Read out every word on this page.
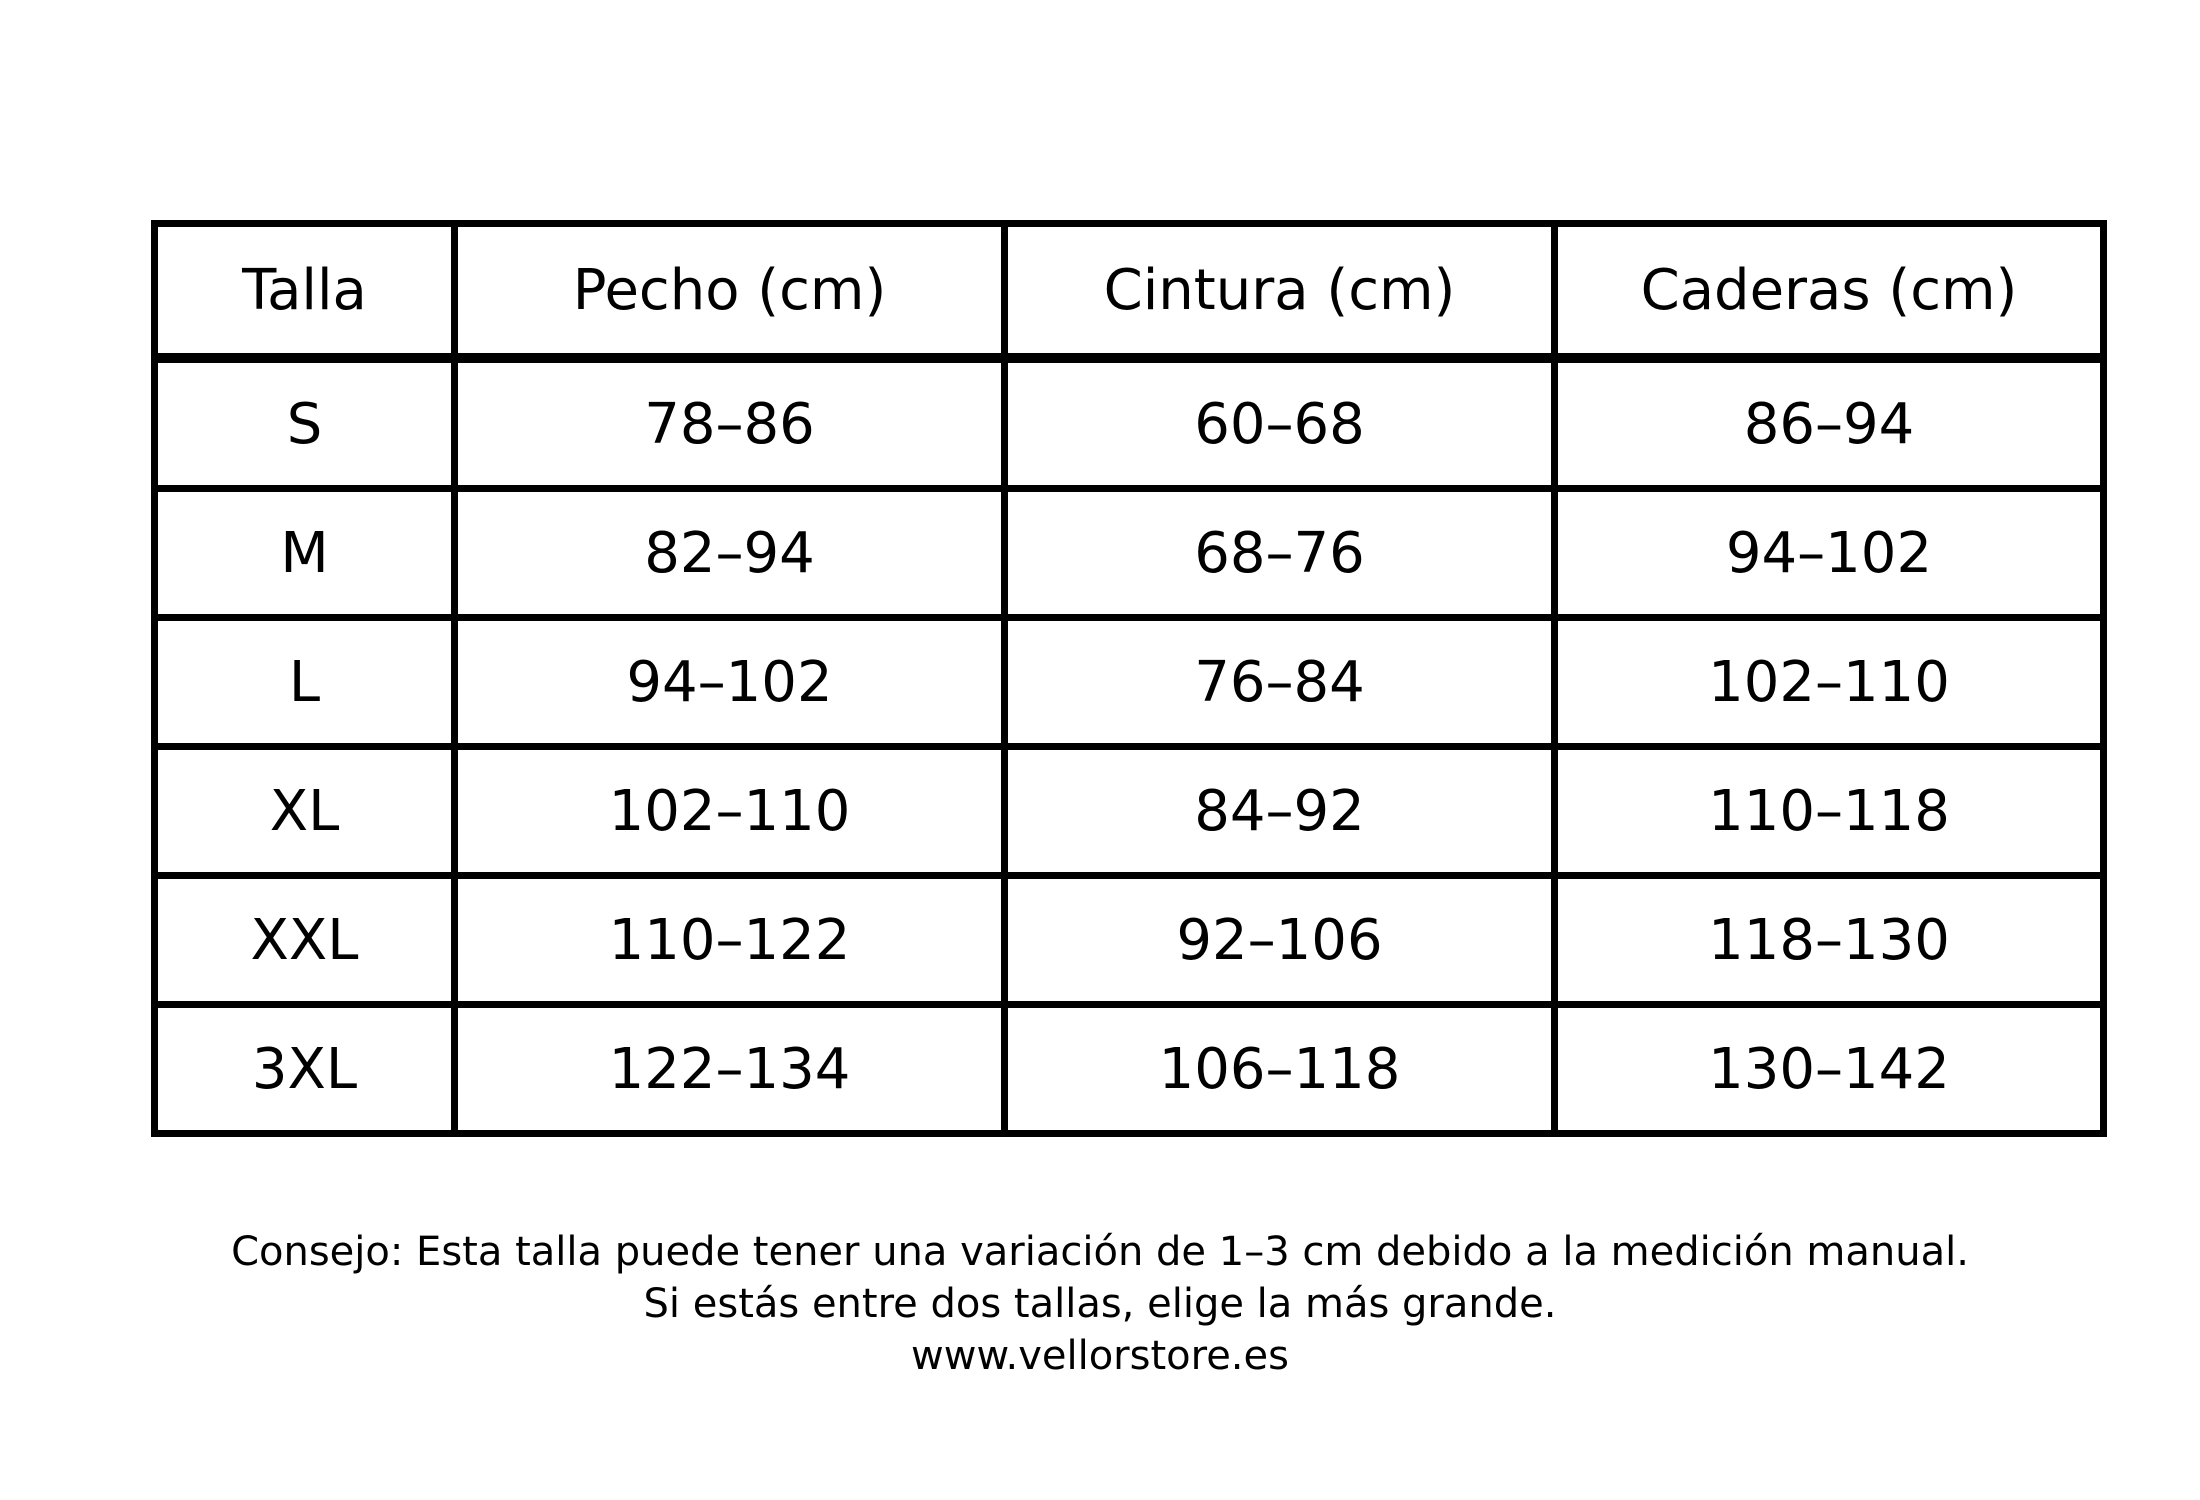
Talla	Pecho (cm)	Cintura (cm)	Caderas (cm)
S	78–86	60–68	86–94
M	82–94	68–76	94–102
L	94–102	76–84	102–110
XL	102–110	84–92	110–118
XXL	110–122	92–106	118–130
3XL	122–134	106–118	130–142
Consejo: Esta talla puede tener una variación de 1–3 cm debido a la medición manual.
Si estás entre dos tallas, elige la más grande.
www.vellorstore.es
